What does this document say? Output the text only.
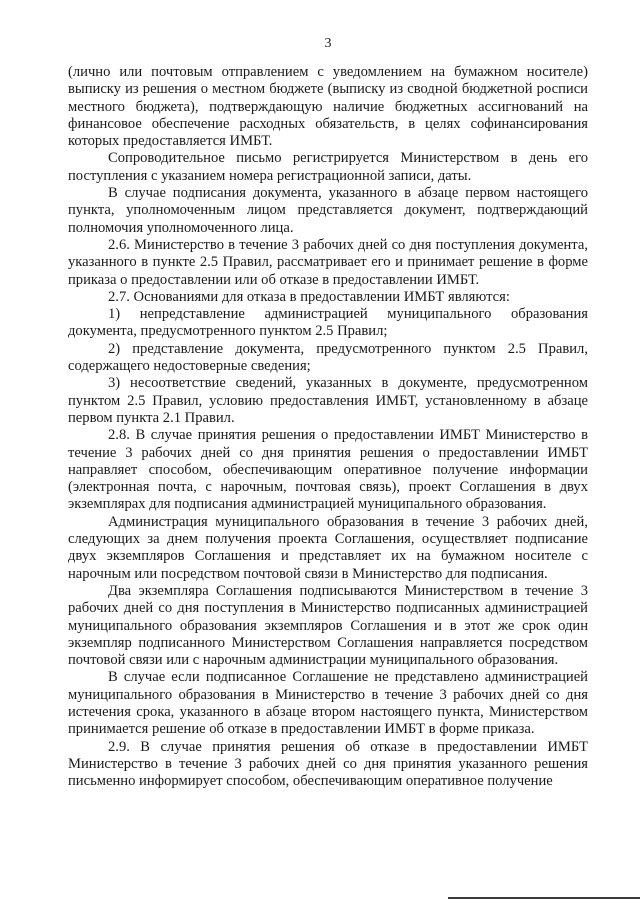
3

(лично или почтовым отправлением с уведомлением на бумажном носителе) выписку из решения о местном бюджете (выписку из сводной бюджетной росписи местного бюджета), подтверждающую наличие бюджетных ассигнований на финансовое обеспечение расходных обязательств, в целях софинансирования которых предоставляется ИМБТ.

Сопроводительное письмо регистрируется Министерством в день его поступления с указанием номера регистрационной записи, даты.

В случае подписания документа, указанного в абзаце первом настоящего пункта, уполномоченным лицом представляется документ, подтверждающий полномочия уполномоченного лица.

2.6. Министерство в течение 3 рабочих дней со дня поступления документа, указанного в пункте 2.5 Правил, рассматривает его и принимает решение в форме приказа о предоставлении или об отказе в предоставлении ИМБТ.

2.7. Основаниями для отказа в предоставлении ИМБТ являются:

1) непредставление администрацией муниципального образования документа, предусмотренного пунктом 2.5 Правил;

2) представление документа, предусмотренного пунктом 2.5 Правил, содержащего недостоверные сведения;

3) несоответствие сведений, указанных в документе, предусмотренном пунктом 2.5 Правил, условию предоставления ИМБТ, установленному в абзаце первом пункта 2.1 Правил.

2.8. В случае принятия решения о предоставлении ИМБТ Министерство в течение 3 рабочих дней со дня принятия решения о предоставлении ИМБТ направляет способом, обеспечивающим оперативное получение информации (электронная почта, с нарочным, почтовая связь), проект Соглашения в двух экземплярах для подписания администрацией муниципального образования.

Администрация муниципального образования в течение 3 рабочих дней, следующих за днем получения проекта Соглашения, осуществляет подписание двух экземпляров Соглашения и представляет их на бумажном носителе с нарочным или посредством почтовой связи в Министерство для подписания.

Два экземпляра Соглашения подписываются Министерством в течение 3 рабочих дней со дня поступления в Министерство подписанных администрацией муниципального образования экземпляров Соглашения и в этот же срок один экземпляр подписанного Министерством Соглашения направляется посредством почтовой связи или с нарочным администрации муниципального образования.

В случае если подписанное Соглашение не представлено администрацией муниципального образования в Министерство в течение 3 рабочих дней со дня истечения срока, указанного в абзаце втором настоящего пункта, Министерством принимается решение об отказе в предоставлении ИМБТ в форме приказа.

2.9. В случае принятия решения об отказе в предоставлении ИМБТ Министерство в течение 3 рабочих дней со дня принятия указанного решения письменно информирует способом, обеспечивающим оперативное получение
